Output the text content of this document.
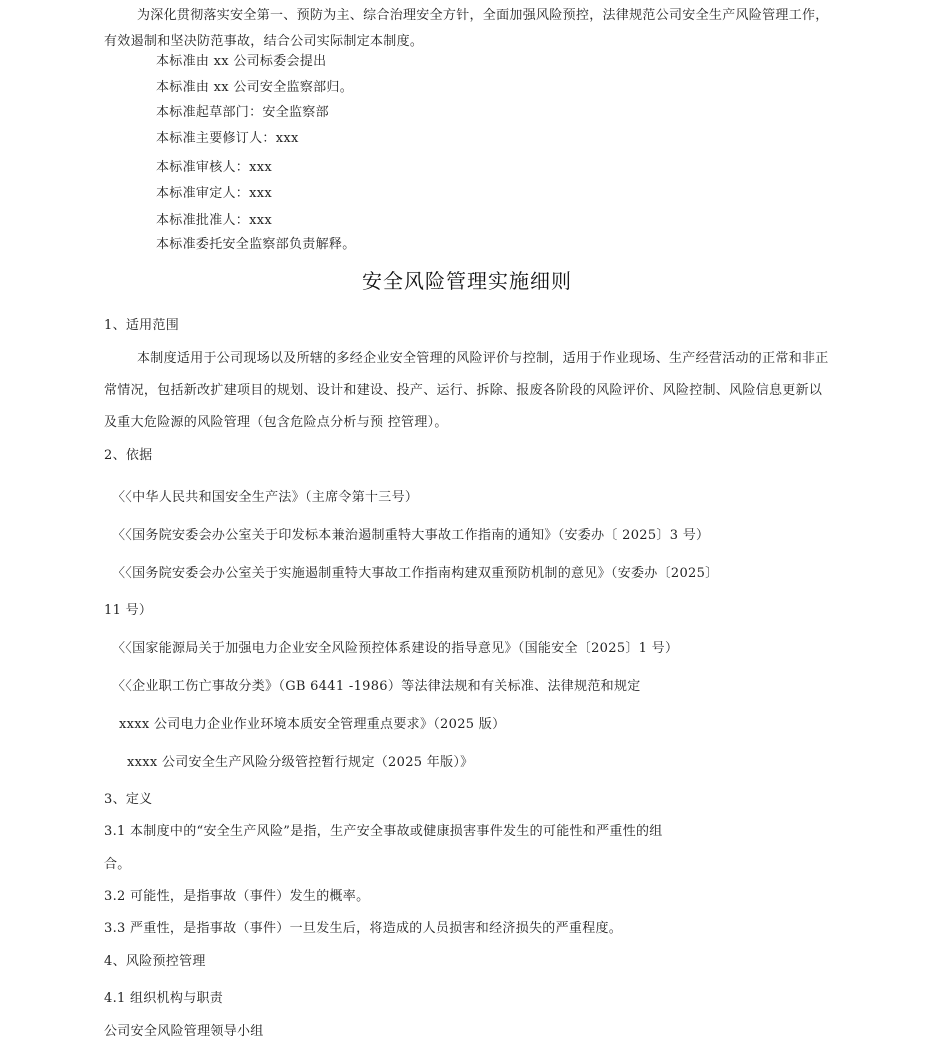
为深化贯彻落实安全第一、预防为主、综合治理安全方针，全面加强风险预控，法律规范公司安全生产风险管理工作，
有效遏制和坚决防范事故，结合公司实际制定本制度。
本标准由 xx 公司标委会提出
本标准由 xx 公司安全监察部归。
本标准起草部门：安全监察部
本标准主要修订人：xxx
本标准审核人：xxx
本标准审定人：xxx
本标准批准人：xxx
本标准委托安全监察部负责解释。
安全风险管理实施细则
1、适用范围
本制度适用于公司现场以及所辖的多经企业安全管理的风险评价与控制，适用于作业现场、生产经营活动的正常和非正
常情况，包括新改扩建项目的规划、设计和建设、投产、运行、拆除、报废各阶段的风险评价、风险控制、风险信息更新以
及重大危险源的风险管理（包含危险点分析与预 控管理）。
2、依据
〈〈中华人民共和国安全生产法》（主席令第十三号）
〈〈国务院安委会办公室关于印发标本兼治遏制重特大事故工作指南的通知》（安委办〔 2025〕3 号）
〈〈国务院安委会办公室关于实施遏制重特大事故工作指南构建双重预防机制的意见》（安委办〔2025〕
11 号）
〈〈国家能源局关于加强电力企业安全风险预控体系建设的指导意见》（国能安全〔2025〕1 号）
〈〈企业职工伤亡事故分类》（GB 6441 -1986）等法律法规和有关标准、法律规范和规定
xxxx 公司电力企业作业环境本质安全管理重点要求》（2025 版）
xxxx 公司安全生产风险分级管控暂行规定（2025 年版）》
3、定义
3.1 本制度中的“安全生产风险”是指，生产安全事故或健康损害事件发生的可能性和严重性的组
合。
3.2 可能性，是指事故（事件）发生的概率。
3.3 严重性，是指事故（事件）一旦发生后，将造成的人员损害和经济损失的严重程度。
4、风险预控管理
4.1 组织机构与职责
公司安全风险管理领导小组
